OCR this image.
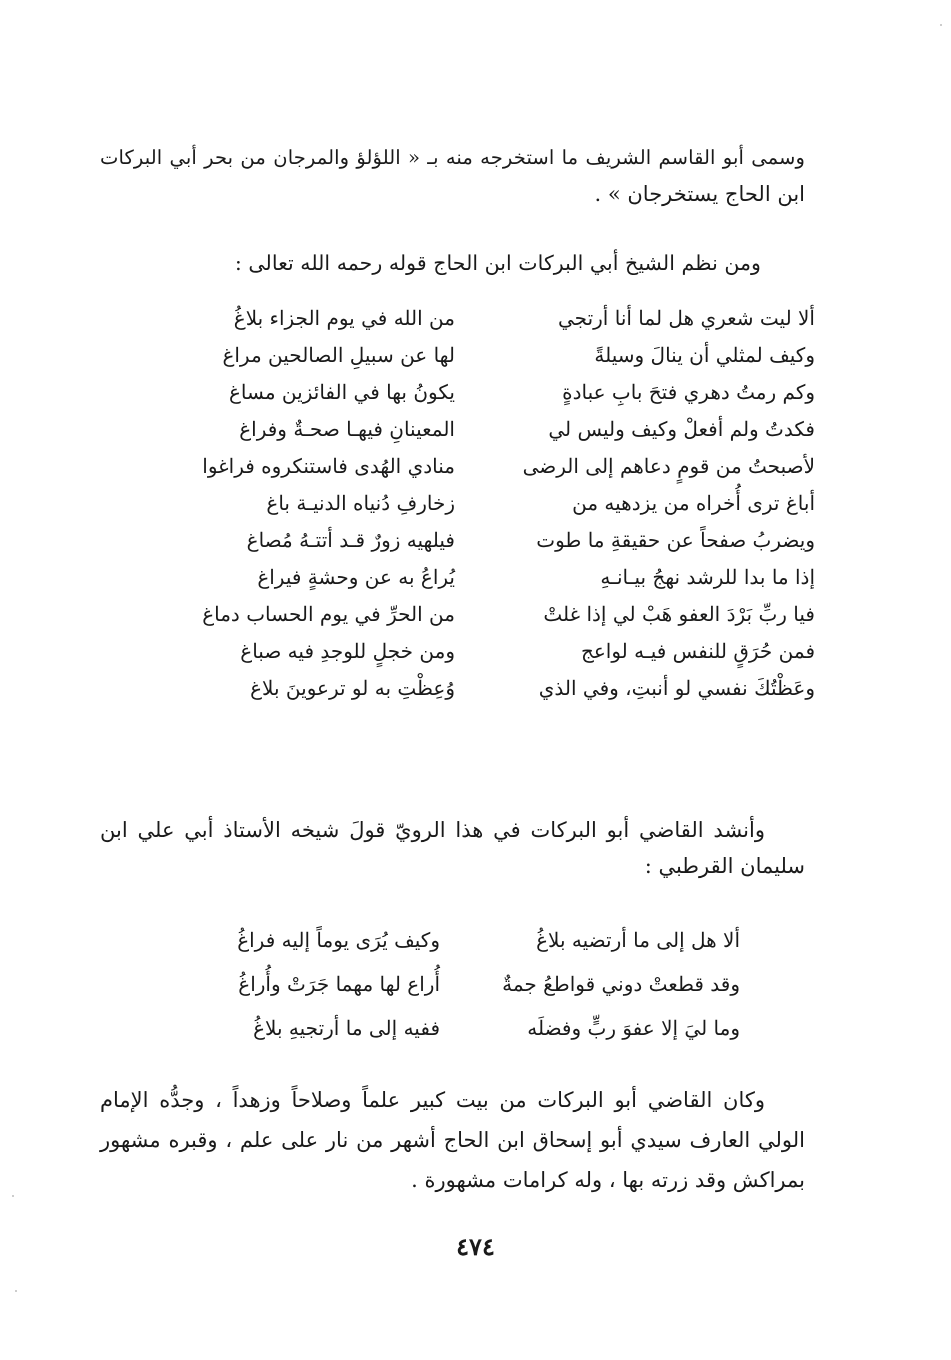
وسمى أبو القاسم الشريف ما استخرجه منه بـ « اللؤلؤ والمرجان من بحر أبي البركات
ابن الحاج يستخرجان » .
ومن نظم الشيخ أبي البركات ابن الحاج قوله رحمه الله تعالى :
ألا ليت شعري هل لما أنا أرتجي
من الله في يوم الجزاء بلاغُ
وكيف لمثلي أن ينالَ وسيلةً
لها عن سبيلِ الصالحين مراغ
وكم رمتُ دهري فتحَ بابِ عبادةٍ
يكونُ بها في الفائزين مساغ
فكدتُ ولم أفعلْ وكيف وليس لي
المعينانِ فيهـا صحـةٌ وفراغ
لأصبحتُ من قومٍ دعاهم إلى الرضى
منادي الهُدى فاستنكروه فراغوا
أباغ ترى أُخراه من يزدهيه من
زخارفِ دُنياه الدنيـة باغ
ويضربُ صفحاً عن حقيقةِ ما طوت
فيلهيه زورٌ قـد أتتـهُ مُصاغ
إذا ما بدا للرشد نهجُ بيـانـهِ
يُراعُ به عن وحشةٍ فيراغ
فيا ربِّ بَرْدَ العفو هَبْ لي إذا غلتْ
من الحرِّ في يوم الحساب دماغ
فمن حُرَقٍ للنفس فيـه لواعج
ومن خجلٍ للوجدِ فيه صباغ
وعَظْتُكَ نفسي لو أنبتِ، وفي الذي
وُعِظْتِ به لو ترعوينَ بلاغ
وأنشد القاضي أبو البركات في هذا الرويّ قولَ شيخه الأستاذ أبي علي ابن
سليمان القرطبي :
ألا هل إلى ما أرتضيه بلاغُ
وكيف يُرَى يوماً إليه فراغُ
وقد قطعتْ دوني قواطعُ جمةٌ
أُراع لها مهما جَرَتْ وأُراغُ
وما ليَ إلا عفوَ ربٍّ وفضلَه
ففيه إلى ما أرتجيهِ بلاغُ
وكان القاضي أبو البركات من بيت كبير علماً وصلاحاً وزهداً ، وجدُّه الإمام
الولي العارف سيدي أبو إسحاق ابن الحاج أشهر من نار على علم ، وقبره مشهور
بمراكش وقد زرته بها ، وله كرامات مشهورة .
٤٧٤
